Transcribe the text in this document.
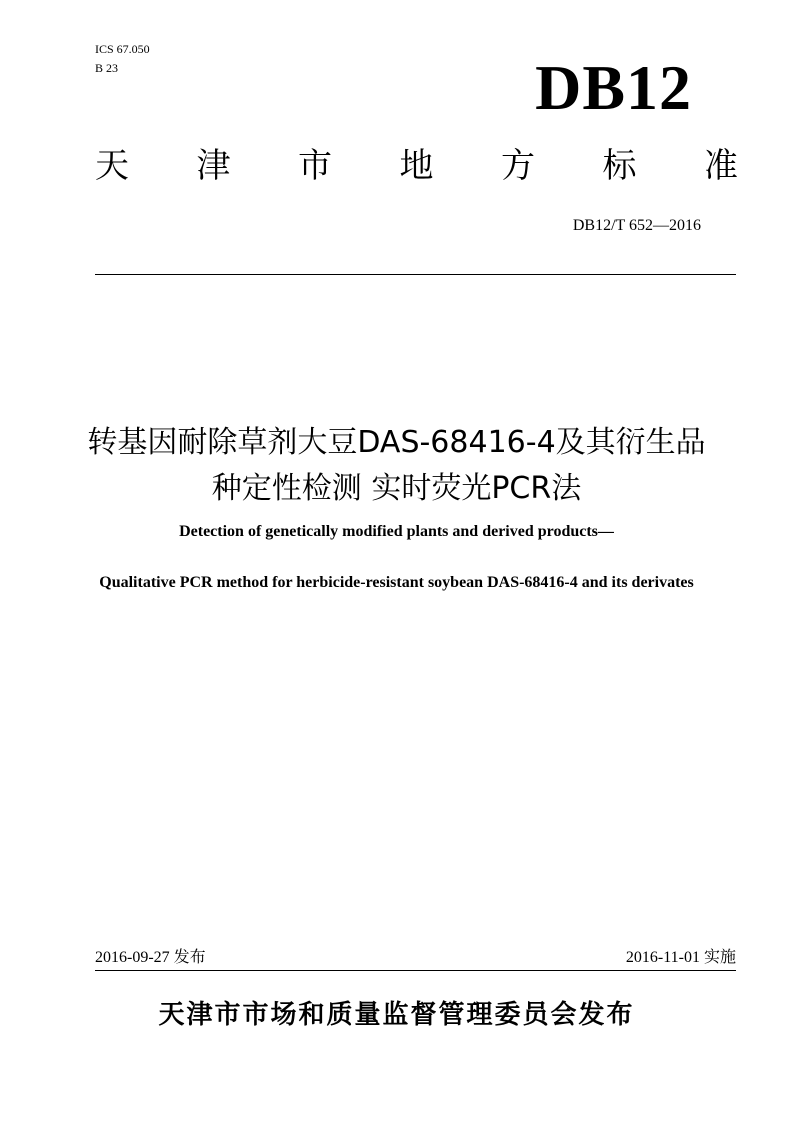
ICS 67.050
B 23	DB12
天 津 市 地 方 标 准
DB12/T 652—2016
转基因耐除草剂大豆DAS-68416-4及其衍生品
种定性检测 实时荧光PCR法
Detection of genetically modified plants and derived products—
Qualitative PCR method for herbicide-resistant soybean DAS-68416-4 and its derivates
2016-09-27 发布	2016-11-01 实施
天津市市场和质量监督管理委员会发布
